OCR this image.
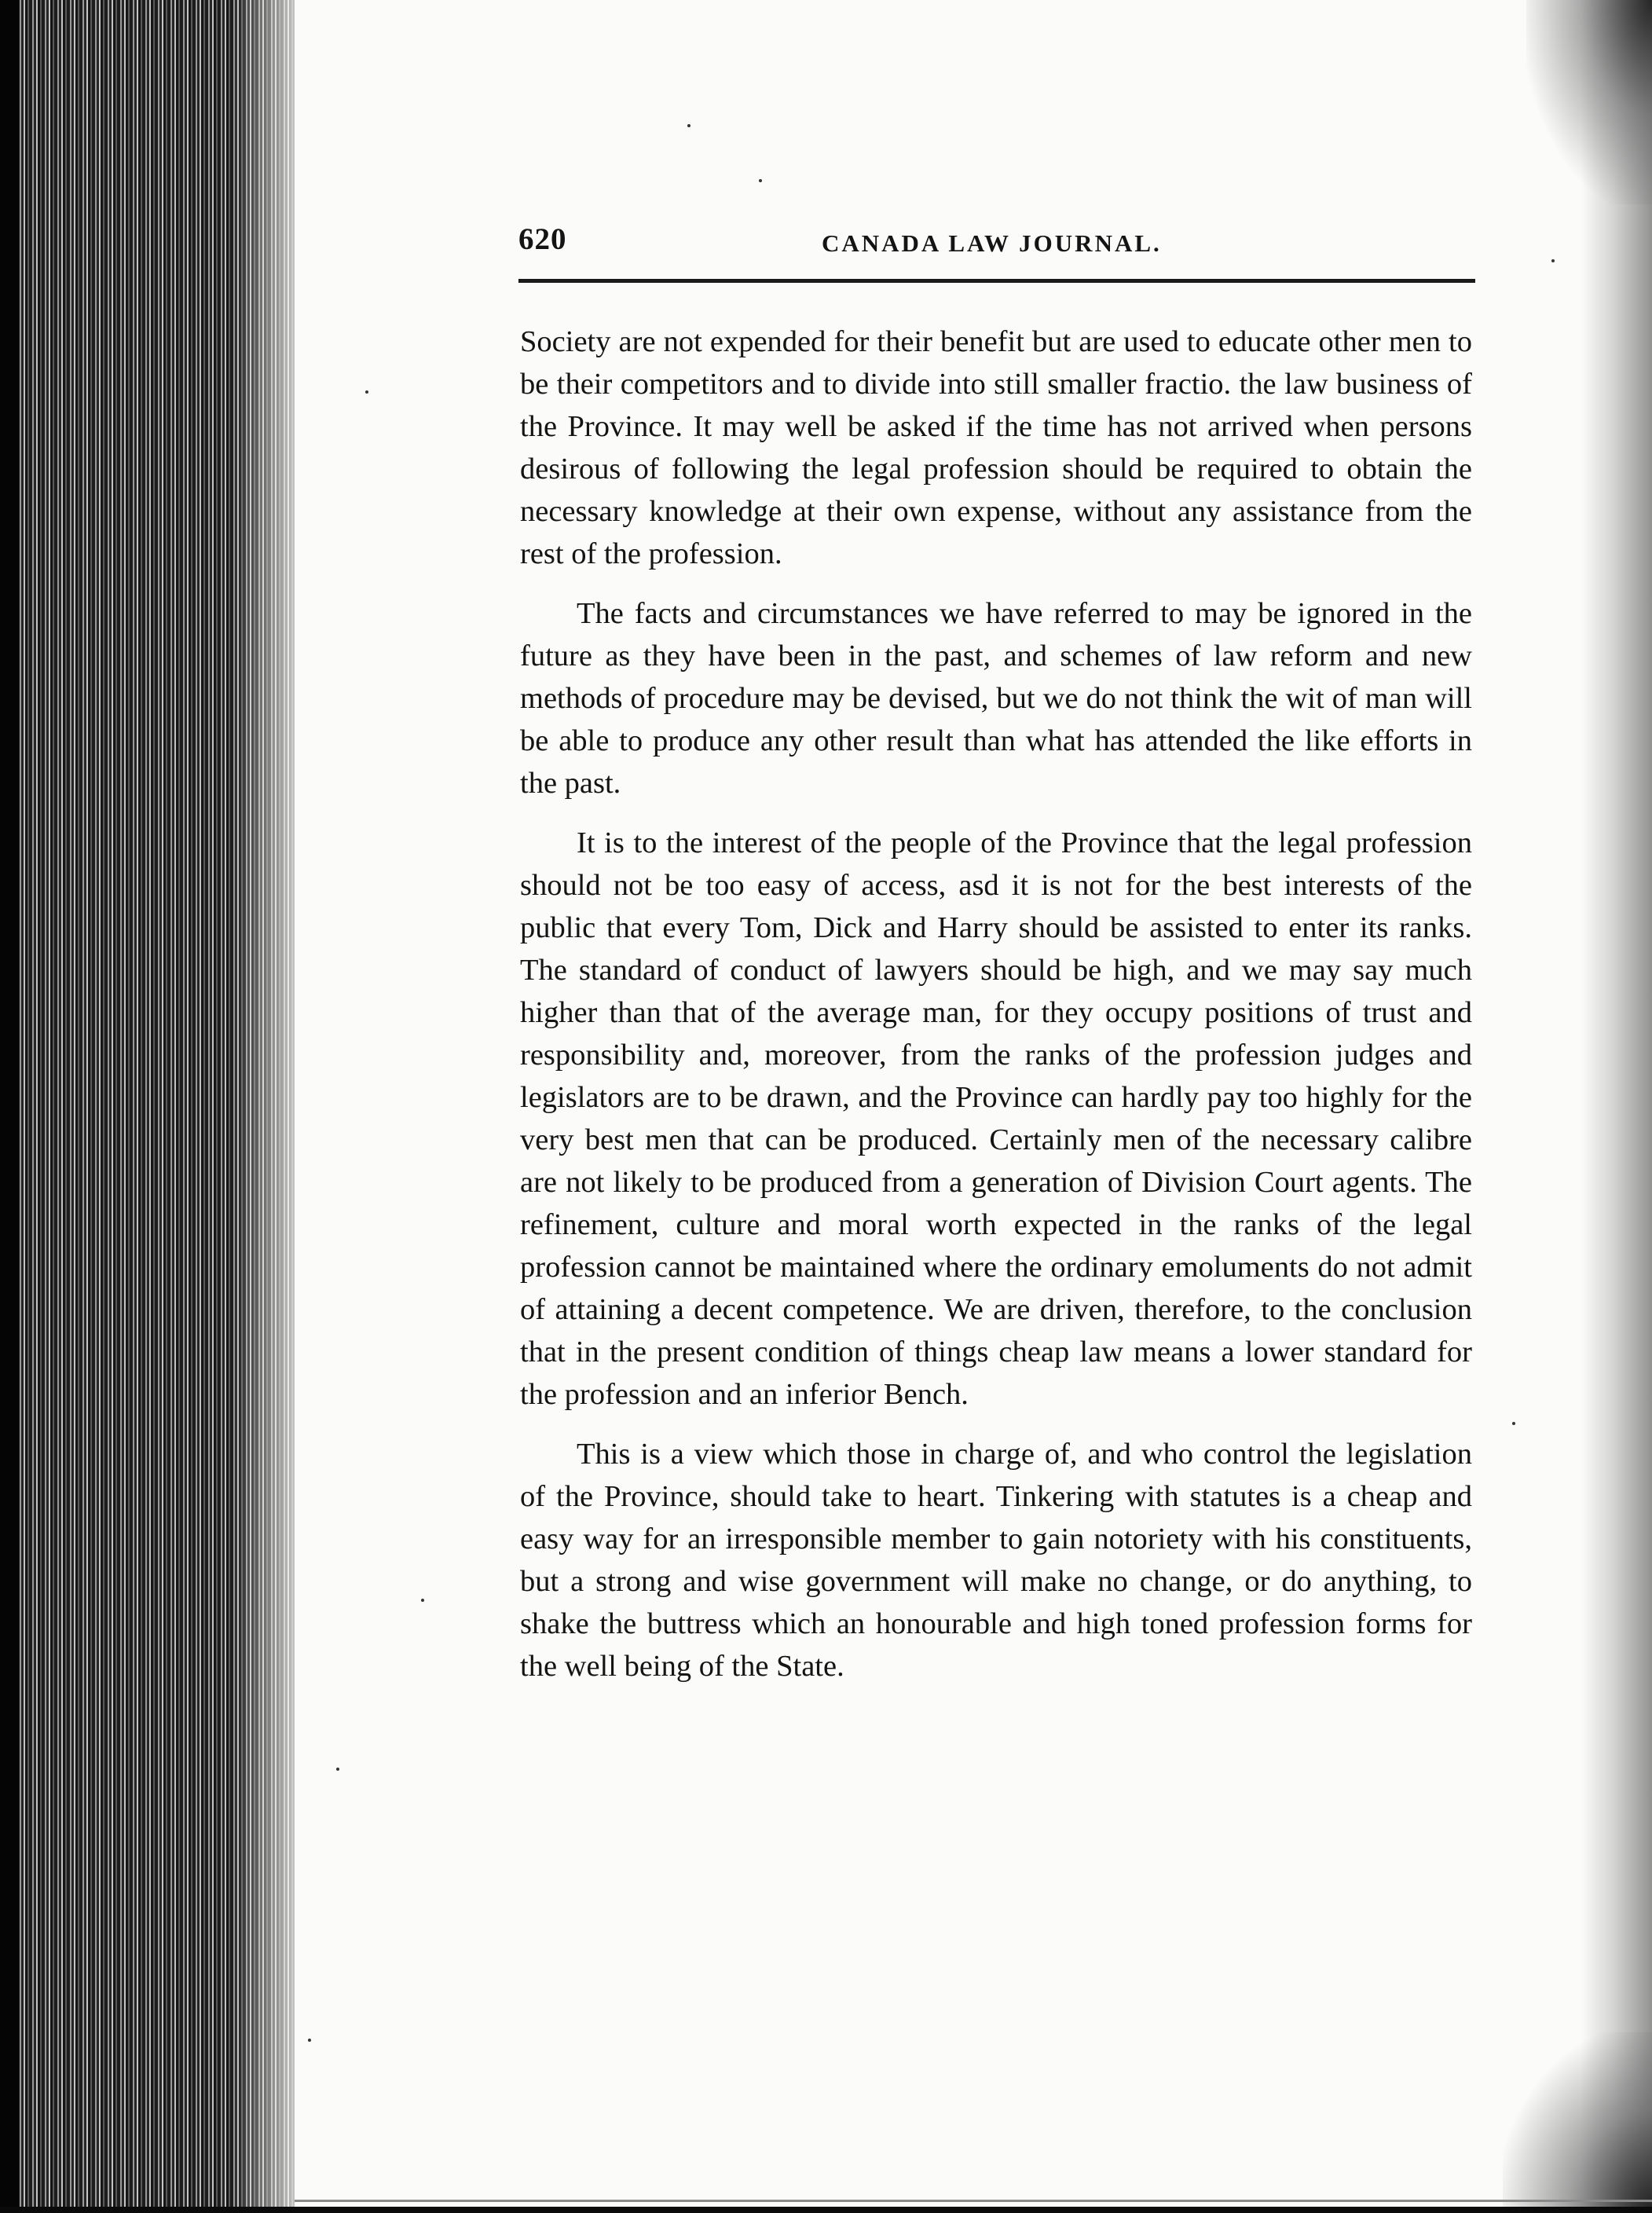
620	CANADA LAW JOURNAL.

Society are not expended for their benefit but are used to educate other men to be their competitors and to divide into still smaller fractio. the law business of the Province. It may well be asked if the time has not arrived when persons desirous of following the legal profession should be required to obtain the necessary knowledge at their own expense, without any assistance from the rest of the profession.

The facts and circumstances we have referred to may be ignored in the future as they have been in the past, and schemes of law reform and new methods of procedure may be devised, but we do not think the wit of man will be able to produce any other result than what has attended the like efforts in the past.

It is to the interest of the people of the Province that the legal profession should not be too easy of access, asd it is not for the best interests of the public that every Tom, Dick and Harry should be assisted to enter its ranks. The standard of conduct of lawyers should be high, and we may say much higher than that of the average man, for they occupy positions of trust and responsibility and, moreover, from the ranks of the profession judges and legislators are to be drawn, and the Province can hardly pay too highly for the very best men that can be produced. Certainly men of the necessary calibre are not likely to be produced from a generation of Division Court agents. The refinement, culture and moral worth expected in the ranks of the legal profession cannot be maintained where the ordinary emoluments do not admit of attaining a decent competence. We are driven, therefore, to the conclusion that in the present condition of things cheap law means a lower standard for the profession and an inferior Bench.

This is a view which those in charge of, and who control the legislation of the Province, should take to heart. Tinkering with statutes is a cheap and easy way for an irresponsible member to gain notoriety with his constituents, but a strong and wise government will make no change, or do anything, to shake the buttress which an honourable and high toned profession forms for the well being of the State.
